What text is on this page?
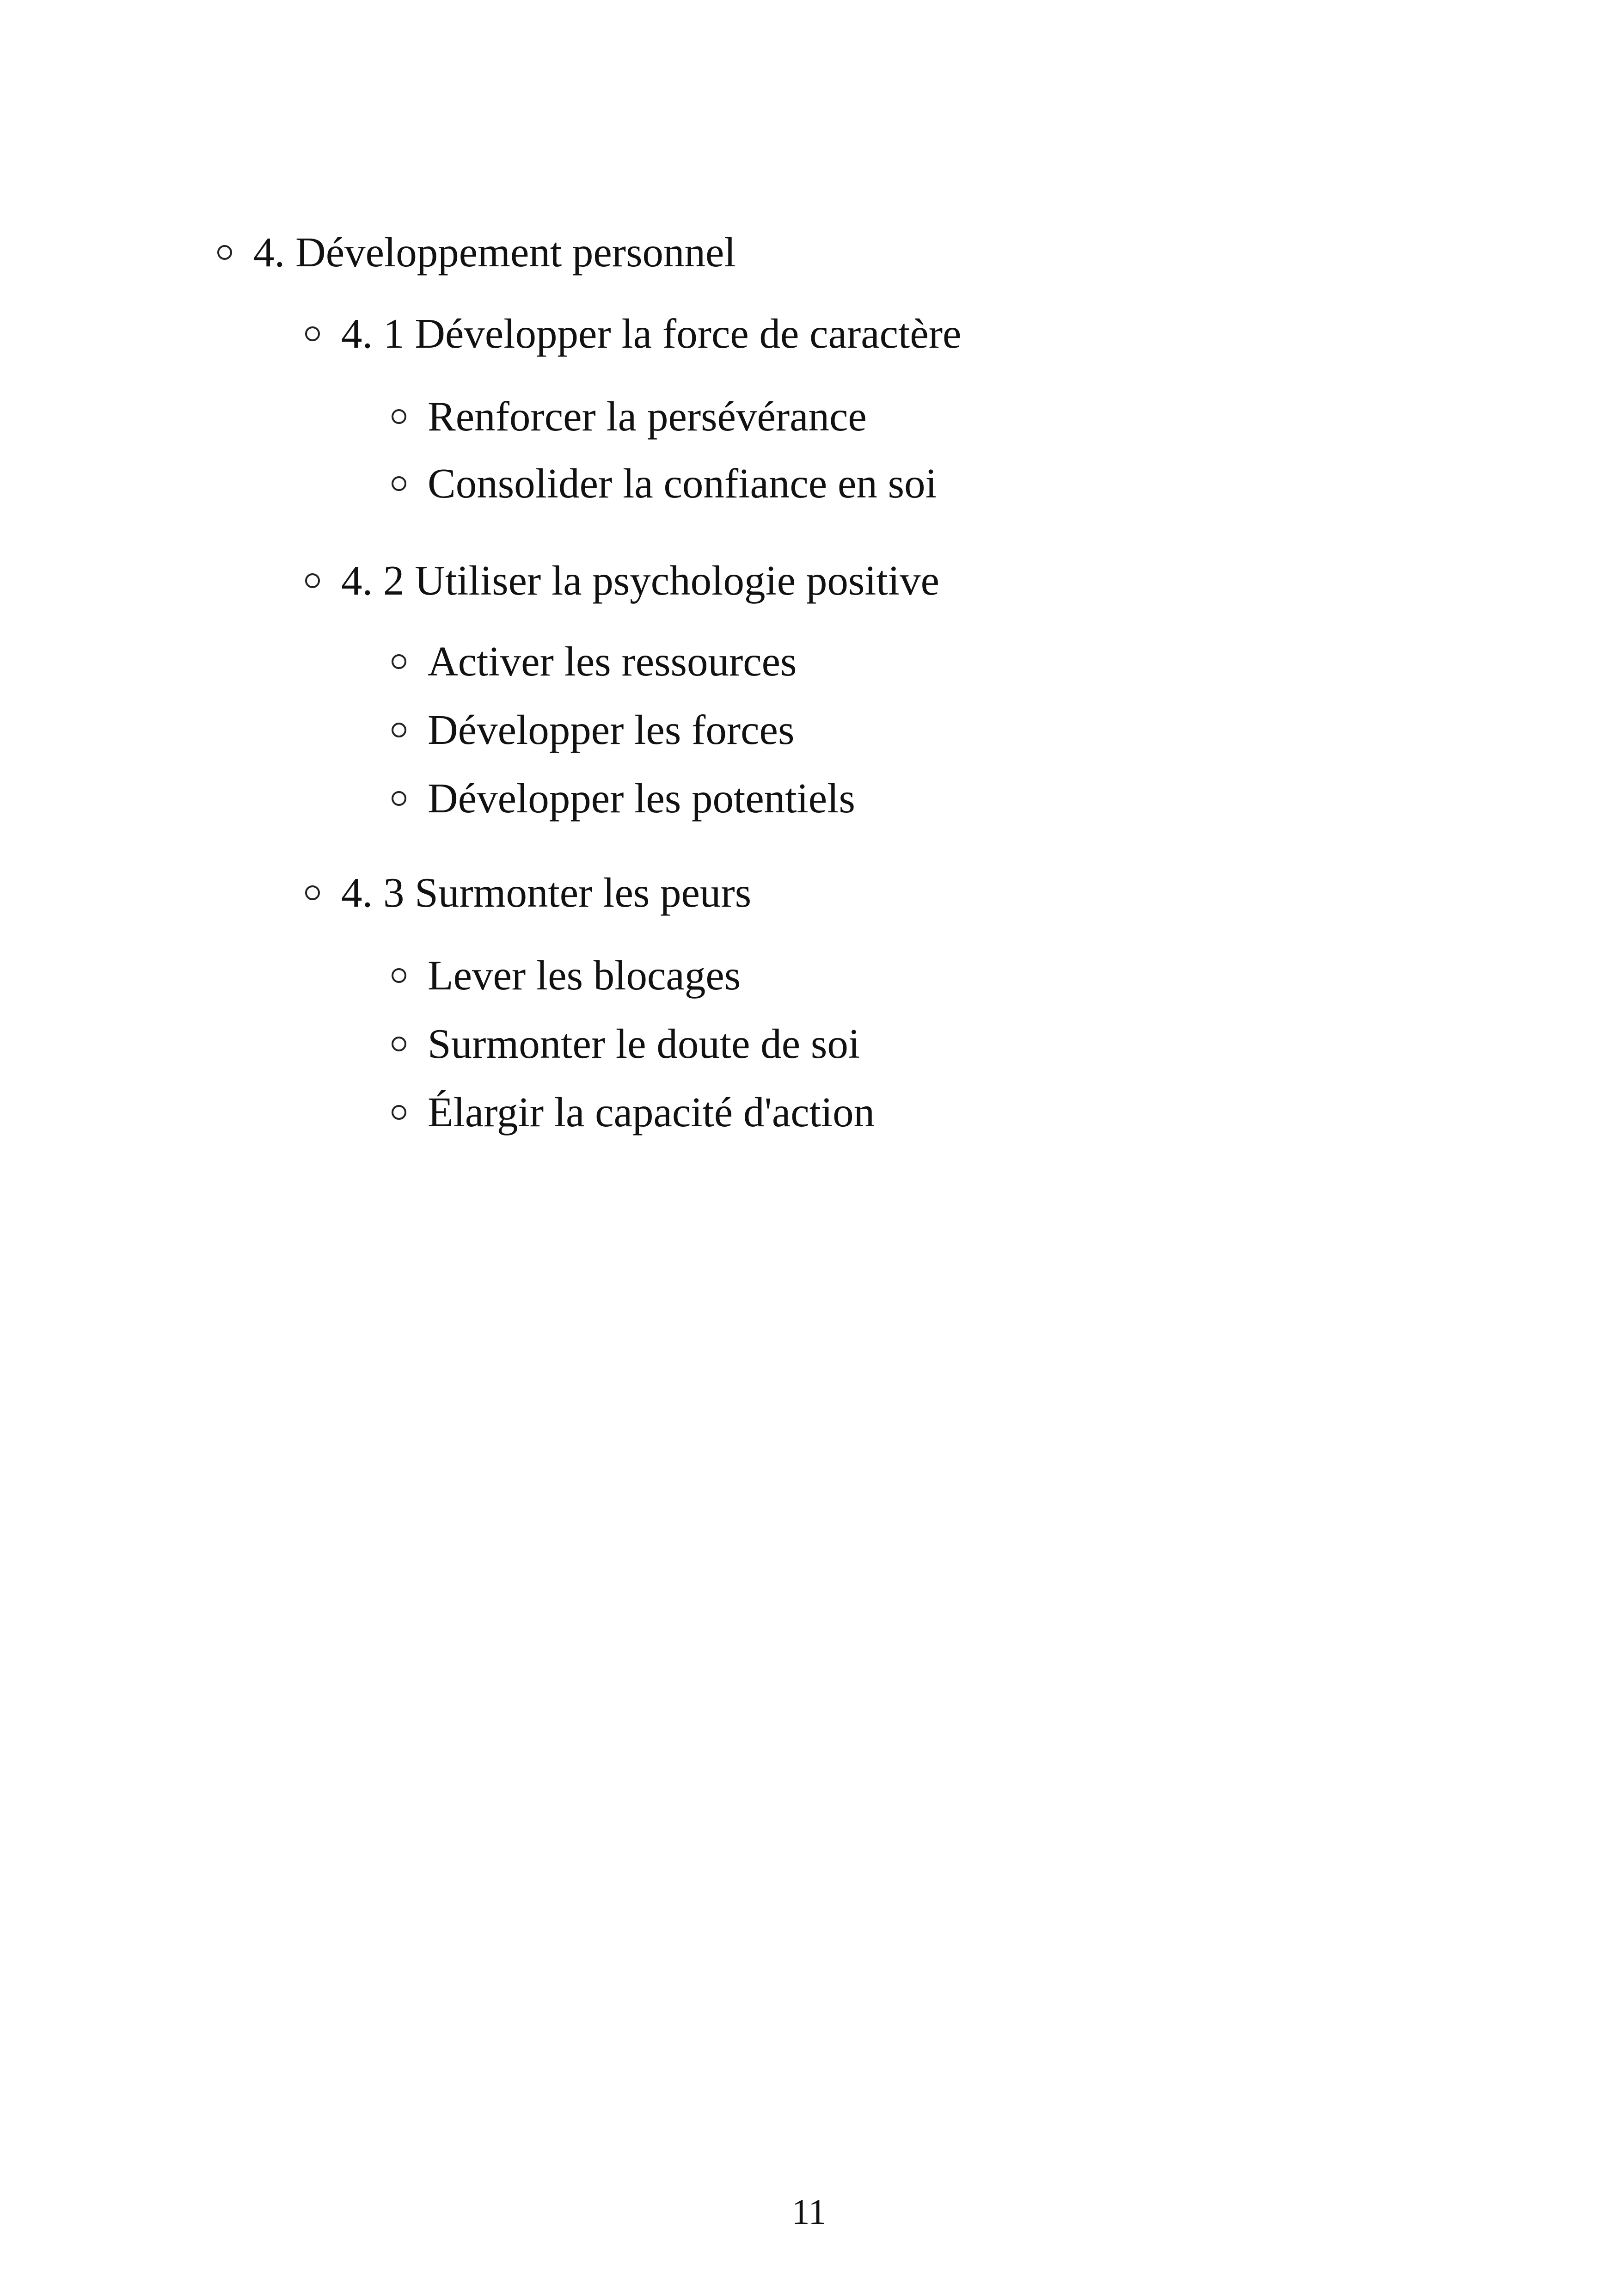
4. Développement personnel
4. 1 Développer la force de caractère
Renforcer la persévérance
Consolider la confiance en soi
4. 2 Utiliser la psychologie positive
Activer les ressources
Développer les forces
Développer les potentiels
4. 3 Surmonter les peurs
Lever les blocages
Surmonter le doute de soi
Élargir la capacité d'action
11
